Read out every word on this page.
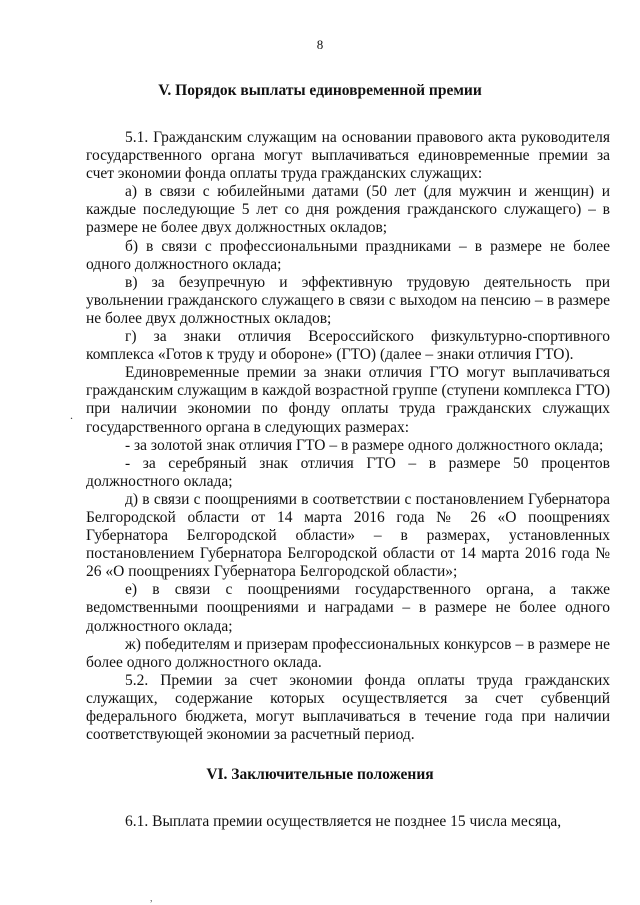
8
V. Порядок выплаты единовременной премии

5.1. Гражданским служащим на основании правового акта руководителя государственного органа могут выплачиваться единовременные премии за счет экономии фонда оплаты труда гражданских служащих:

а) в связи с юбилейными датами (50 лет (для мужчин и женщин) и каждые последующие 5 лет со дня рождения гражданского служащего) – в размере не более двух должностных окладов;

б) в связи с профессиональными праздниками – в размере не более одного должностного оклада;

в) за безупречную и эффективную трудовую деятельность при увольнении гражданского служащего в связи с выходом на пенсию – в размере не более двух должностных окладов;

г) за знаки отличия Всероссийского физкультурно-спортивного комплекса «Готов к труду и обороне» (ГТО) (далее – знаки отличия ГТО).

Единовременные премии за знаки отличия ГТО могут выплачиваться гражданским служащим в каждой возрастной группе (ступени комплекса ГТО) при наличии экономии по фонду оплаты труда гражданских служащих государственного органа в следующих размерах:

- за золотой знак отличия ГТО – в размере одного должностного оклада;

- за серебряный знак отличия ГТО – в размере 50 процентов должностного оклада;

д) в связи с поощрениями в соответствии с постановлением Губернатора Белгородской области от 14 марта 2016 года № 26 «О поощрениях Губернатора Белгородской области» – в размерах, установленных постановлением Губернатора Белгородской области от 14 марта 2016 года № 26 «О поощрениях Губернатора Белгородской области»;

е) в связи с поощрениями государственного органа, а также ведомственными поощрениями и наградами – в размере не более одного должностного оклада;

ж) победителям и призерам профессиональных конкурсов – в размере не более одного должностного оклада.

5.2. Премии за счет экономии фонда оплаты труда гражданских служащих, содержание которых осуществляется за счет субвенций федерального бюджета, могут выплачиваться в течение года при наличии соответствующей экономии за расчетный период.

VI. Заключительные положения

6.1. Выплата премии осуществляется не позднее 15 числа месяца,

.
,
